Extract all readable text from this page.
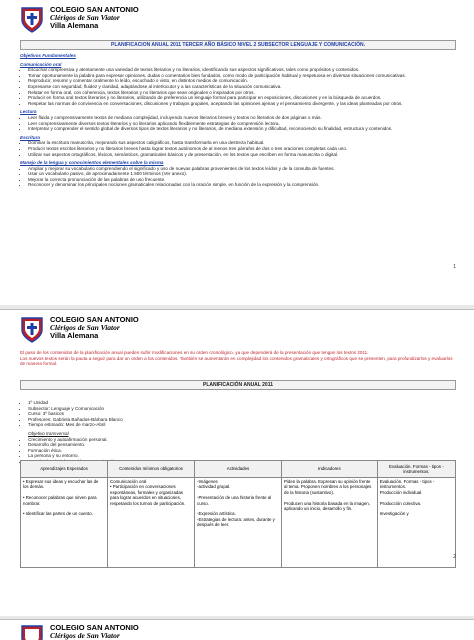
COLEGIO SAN ANTONIO
Clérigos de San Viator
Villa Alemana
PLANIFICACION ANUAL 2011 TERCER AÑO BÁSICO NIVEL 2 SUBSECTOR LENGUAJE Y COMUNICACIÓN.
Objetivos Fundamentales
Comunicación oral
• Escuchar comprensiva y atentamente una variedad de textos literarios y no literarios, identificando sus aspectos significativos, tales como propósitos y contenidos.
• Tomar oportunamente la palabra para expresar opiniones, dudas o comentarios bien fundados, como modo de participación habitual y respetuosa en diversas situaciones comunicativas.
• Reproducir, resumir y comentar oralmente lo leído, escuchado o visto, en distintos medios de comunicación.
• Expresarse con seguridad, fluidez y claridad, adaptándose al interlocutor y a las características de la situación comunicativa.
• Relatar en forma oral, con coherencia, textos literarios y no literarios que sean originales o inspirados por otros.
• Producir en forma oral textos literarios y no literarios, utilizando de preferencia un lenguaje formal para participar en exposiciones, discusiones y en la búsqueda de acuerdos.
• Respetar las normas de convivencia en conversaciones, discusiones y trabajos grupales, aceptando las opiniones ajenas y el pensamiento divergente, y las ideas planteadas por otros.
Lectura
• Leer fluida y comprensivamente textos de mediana complejidad, incluyendo nuevos literarios breves y textos no literarios de dos páginas o más.
• Leer comprensivamente diversos textos literarios y no literarios aplicando flexiblemente estrategias de comprensión lectora.
• Interpretar y comprender el sentido global de diversos tipos de textos literarios y no literarios, de mediana extensión y dificultad, reconociendo su finalidad, estructura y contenidos.
Escritura
• Dominar la escritura manuscrita, mejorando sus aspectos caligráficos, hasta transformarla en una destreza habitual.
• Producir textos escritos literarios y no literarios breves hasta lograr textos autónomos de al menos tres párrafos de dos o tres oraciones completas cada uno.
• Utilizar sus aspectos ortográficos, léxicos, semánticos, gramaticales básicos y de presentación, en los textos que escriben en forma manuscrita o digital.
Manejo de la lengua y conocimientos elementales sobre la misma
• Ampliar y mejorar su vocabulario comprendiendo el significado y uso de nuevas palabras provenientes de los textos leídos y de la consulta de fuentes.
• Usar un vocabulario pasivo, de aproximadamente 1.500 términos (Ver anexo).
• Mejorar la correcta pronunciación de las palabras de uso frecuente.
• Reconocer y denominar los principales nociones gramaticales relacionadas con la oración simple, en función de la expresión y la comprensión.
1
COLEGIO SAN ANTONIO
Clérigos de San Viator
Villa Alemana
El paso de los contenidos de la planificación anual pueden sufrir modificaciones en su orden cronológico, ya que dependerá de la presentación que tengan los textos 2011.
Los nuevos textos serán la pauta a seguir para dar un orden a los contenidos. También se aumentarán en complejidad los contenidos gramaticales y ortográficos que se presenten, para profundizarlos y evaluarlos de manera formal.
PLANIFICACIÓN ANUAL 2011
• 1º Unidad
• Subsector: Lenguaje y Comunicación
• Curso: 3º basicos
• Profesores: Gabriela Bañados-Bárbara Blanco
• Tiempo estimado: Mes de marzo-Abril
Objetivo transversal
• Crecimiento y autoafirmación personal.
• Desarrollo del pensamiento.
• Formación ética.
• La persona y su entorno.
•
Aprendizajes Esperados	Contenidos mínimos obligatorios	Actividades	Indicadores	Evaluación. Formas - tipos - instrumentos.
• Expresar sus ideas y escuchar las de los demás.

• Reconocer palabras que sirven para nombrar.

• Identificar las partes de un cuento.	Comunicación oral
• Participación en conversaciones espontáneas, formales y organizadas para lograr acuerdos en situaciones, respetando los turnos de participación.	-Imágenes
-actividad grupal.

-Presentación de una historia frente al curso.

-Expresión artística.
-Estrategias de lectura: antes, durante y después de leer.	Piden la palabra. Expresan su opinión frente al tema. Proponen nombres a los personajes de la historia (sustantivo).

Producen una historia basada en la imagen, aplicando un inicio, desarrollo y fin.	Evaluación. Formas - tipos - instrumentos.
Producción individual.

Producción colectiva.

Investigación y
2
COLEGIO SAN ANTONIO
Clérigos de San Viator
